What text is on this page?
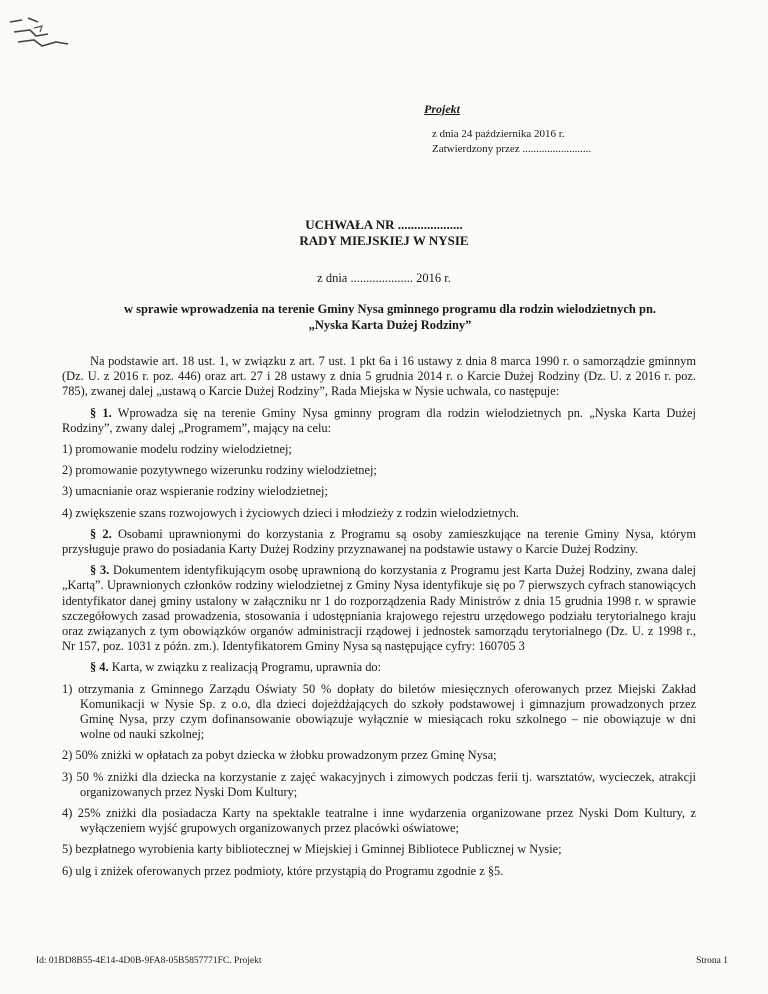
Projekt
z dnia 24 października 2016 r.
Zatwierdzony przez .........................
UCHWAŁA NR ....................
RADY MIEJSKIEJ W NYSIE
z dnia .................... 2016 r.
w sprawie wprowadzenia na terenie Gminy Nysa gminnego programu dla rodzin wielodzietnych pn.
„Nyska Karta Dużej Rodziny”

Na podstawie art. 18 ust. 1, w związku z art. 7 ust. 1 pkt 6a i 16 ustawy z dnia 8 marca 1990 r. o samorządzie gminnym (Dz. U. z 2016 r. poz. 446) oraz art. 27 i 28 ustawy z dnia 5 grudnia 2014 r. o Karcie Dużej Rodziny (Dz. U. z 2016 r. poz. 785), zwanej dalej „ustawą o Karcie Dużej Rodziny”, Rada Miejska w Nysie uchwala, co następuje:

§ 1. Wprowadza się na terenie Gminy Nysa gminny program dla rodzin wielodzietnych pn. „Nyska Karta Dużej Rodziny”, zwany dalej „Programem”, mający na celu:

1) promowanie modelu rodziny wielodzietnej;
2) promowanie pozytywnego wizerunku rodziny wielodzietnej;
3) umacnianie oraz wspieranie rodziny wielodzietnej;
4) zwiększenie szans rozwojowych i życiowych dzieci i młodzieży z rodzin wielodzietnych.

§ 2. Osobami uprawnionymi do korzystania z Programu są osoby zamieszkujące na terenie Gminy Nysa, którym przysługuje prawo do posiadania Karty Dużej Rodziny przyznawanej na podstawie ustawy o Karcie Dużej Rodziny.

§ 3. Dokumentem identyfikującym osobę uprawnioną do korzystania z Programu jest Karta Dużej Rodziny, zwana dalej „Kartą”. Uprawnionych członków rodziny wielodzietnej z Gminy Nysa identyfikuje się po 7 pierwszych cyfrach stanowiących identyfikator danej gminy ustalony w załączniku nr 1 do rozporządzenia Rady Ministrów z dnia 15 grudnia 1998 r. w sprawie szczegółowych zasad prowadzenia, stosowania i udostępniania krajowego rejestru urzędowego podziału terytorialnego kraju oraz związanych z tym obowiązków organów administracji rządowej i jednostek samorządu terytorialnego (Dz. U. z 1998 r., Nr 157, poz. 1031 z późn. zm.). Identyfikatorem Gminy Nysa są następujące cyfry: 160705 3

§ 4. Karta, w związku z realizacją Programu, uprawnia do:

1) otrzymania z Gminnego Zarządu Oświaty 50 % dopłaty do biletów miesięcznych oferowanych przez Miejski Zakład Komunikacji w Nysie Sp. z o.o, dla dzieci dojeżdżających do szkoły podstawowej i gimnazjum prowadzonych przez Gminę Nysa, przy czym dofinansowanie obowiązuje wyłącznie w miesiącach roku szkolnego – nie obowiązuje w dni wolne od nauki szkolnej;
2) 50% zniżki w opłatach za pobyt dziecka w żłobku prowadzonym przez Gminę Nysa;
3) 50 % zniżki dla dziecka na korzystanie z zajęć wakacyjnych i zimowych podczas ferii tj. warsztatów, wycieczek, atrakcji organizowanych przez Nyski Dom Kultury;
4) 25% zniżki dla posiadacza Karty na spektakle teatralne i inne wydarzenia organizowane przez Nyski Dom Kultury, z wyłączeniem wyjść grupowych organizowanych przez placówki oświatowe;
5) bezpłatnego wyrobienia karty bibliotecznej w Miejskiej i Gminnej Bibliotece Publicznej w Nysie;
6) ulg i zniżek oferowanych przez podmioty, które przystąpią do Programu zgodnie z §5.
Id: 01BD8B55-4E14-4D0B-9FA8-05B5857771FC. Projekt	Strona 1
